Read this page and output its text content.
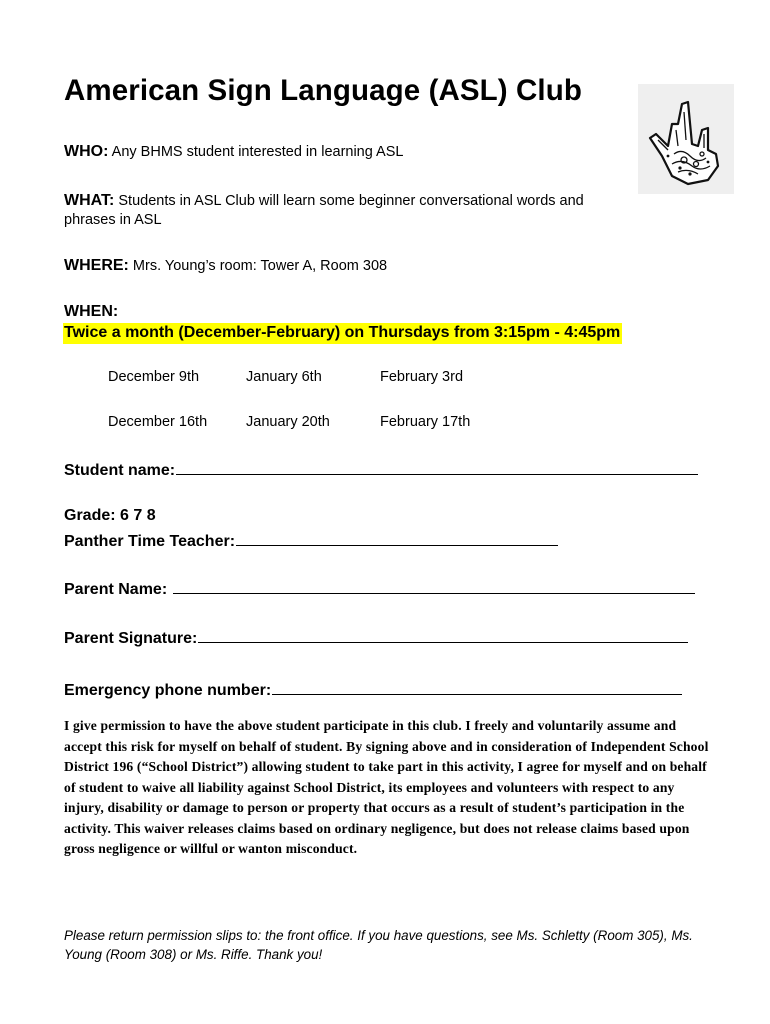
American Sign Language (ASL) Club

WHO: Any BHMS student interested in learning ASL

WHAT: Students in ASL Club will learn some beginner conversational words and phrases in ASL

WHERE: Mrs. Young’s room: Tower A, Room 308

WHEN:

Twice a month (December-February) on Thursdays from 3:15pm - 4:45pm
December 9th	January 6th	February 3rd
December 16th	January 20th	February 17th

Student name:

Grade: 6 7 8

Panther Time Teacher:

Parent Name:

Parent Signature:

Emergency phone number:

I give permission to have the above student participate in this club. I freely and voluntarily assume and accept this risk for myself on behalf of student. By signing above and in consideration of Independent School District 196 (“School District”) allowing student to take part in this activity, I agree for myself and on behalf of student to waive all liability against School District, its employees and volunteers with respect to any injury, disability or damage to person or property that occurs as a result of student’s participation in the activity. This waiver releases claims based on ordinary negligence, but does not release claims based upon gross negligence or willful or wanton misconduct.

Please return permission slips to: the front office. If you have questions, see Ms. Schletty (Room 305), Ms. Young (Room 308) or Ms. Riffe. Thank you!
